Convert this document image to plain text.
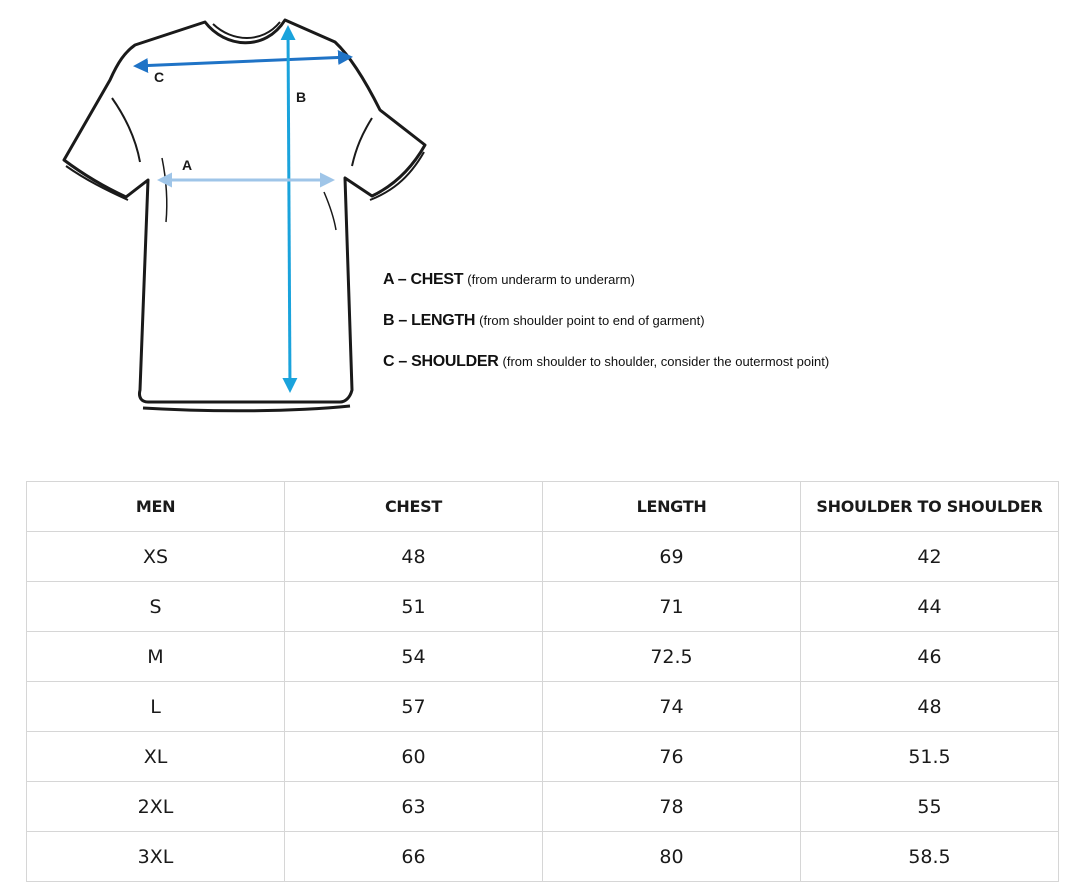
C
B
A
A – CHEST (from underarm to underarm)
B – LENGTH (from shoulder point to end of garment)
C – SHOULDER (from shoulder to shoulder, consider the outermost point)
MEN	CHEST	LENGTH	SHOULDER TO SHOULDER
XS	48	69	42
S	51	71	44
M	54	72.5	46
L	57	74	48
XL	60	76	51.5
2XL	63	78	55
3XL	66	80	58.5
